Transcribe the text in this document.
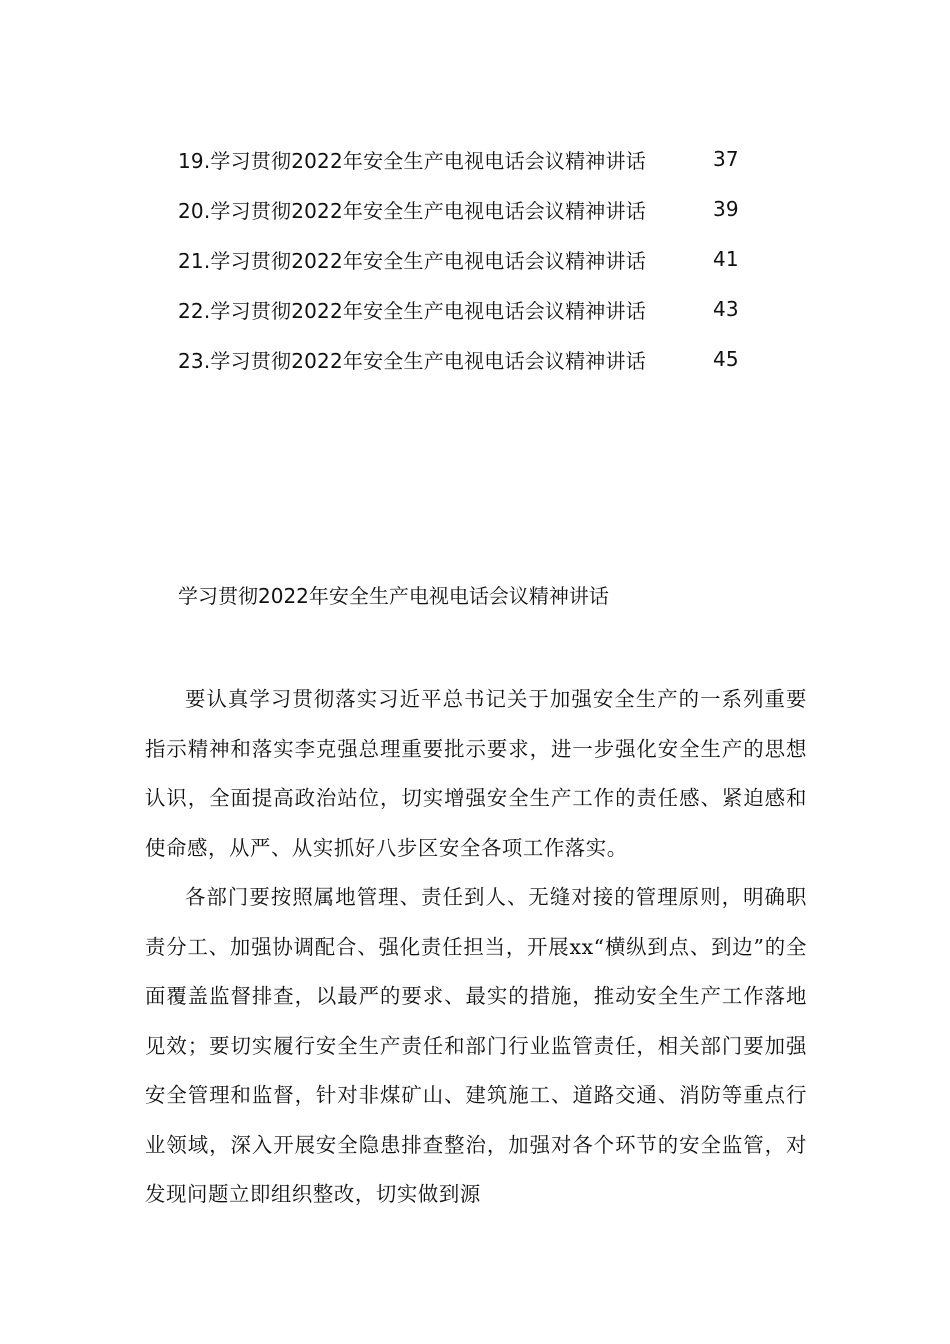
19.学习贯彻2022年安全生产电视电话会议精神讲话	37
20.学习贯彻2022年安全生产电视电话会议精神讲话	39
21.学习贯彻2022年安全生产电视电话会议精神讲话	41
22.学习贯彻2022年安全生产电视电话会议精神讲话	43
23.学习贯彻2022年安全生产电视电话会议精神讲话	45
学习贯彻2022年安全生产电视电话会议精神讲话

要认真学习贯彻落实习近平总书记关于加强安全生产的一系列重要指示精神和落实李克强总理重要批示要求，进一步强化安全生产的思想认识，全面提高政治站位，切实增强安全生产工作的责任感、紧迫感和使命感，从严、从实抓好八步区安全各项工作落实。

各部门要按照属地管理、责任到人、无缝对接的管理原则，明确职责分工、加强协调配合、强化责任担当，开展xx“横纵到点、到边”的全面覆盖监督排查，以最严的要求、最实的措施，推动安全生产工作落地见效；要切实履行安全生产责任和部门行业监管责任，相关部门要加强安全管理和监督，针对非煤矿山、建筑施工、道路交通、消防等重点行业领域，深入开展安全隐患排查整治，加强对各个环节的安全监管，对发现问题立即组织整改，切实做到源
